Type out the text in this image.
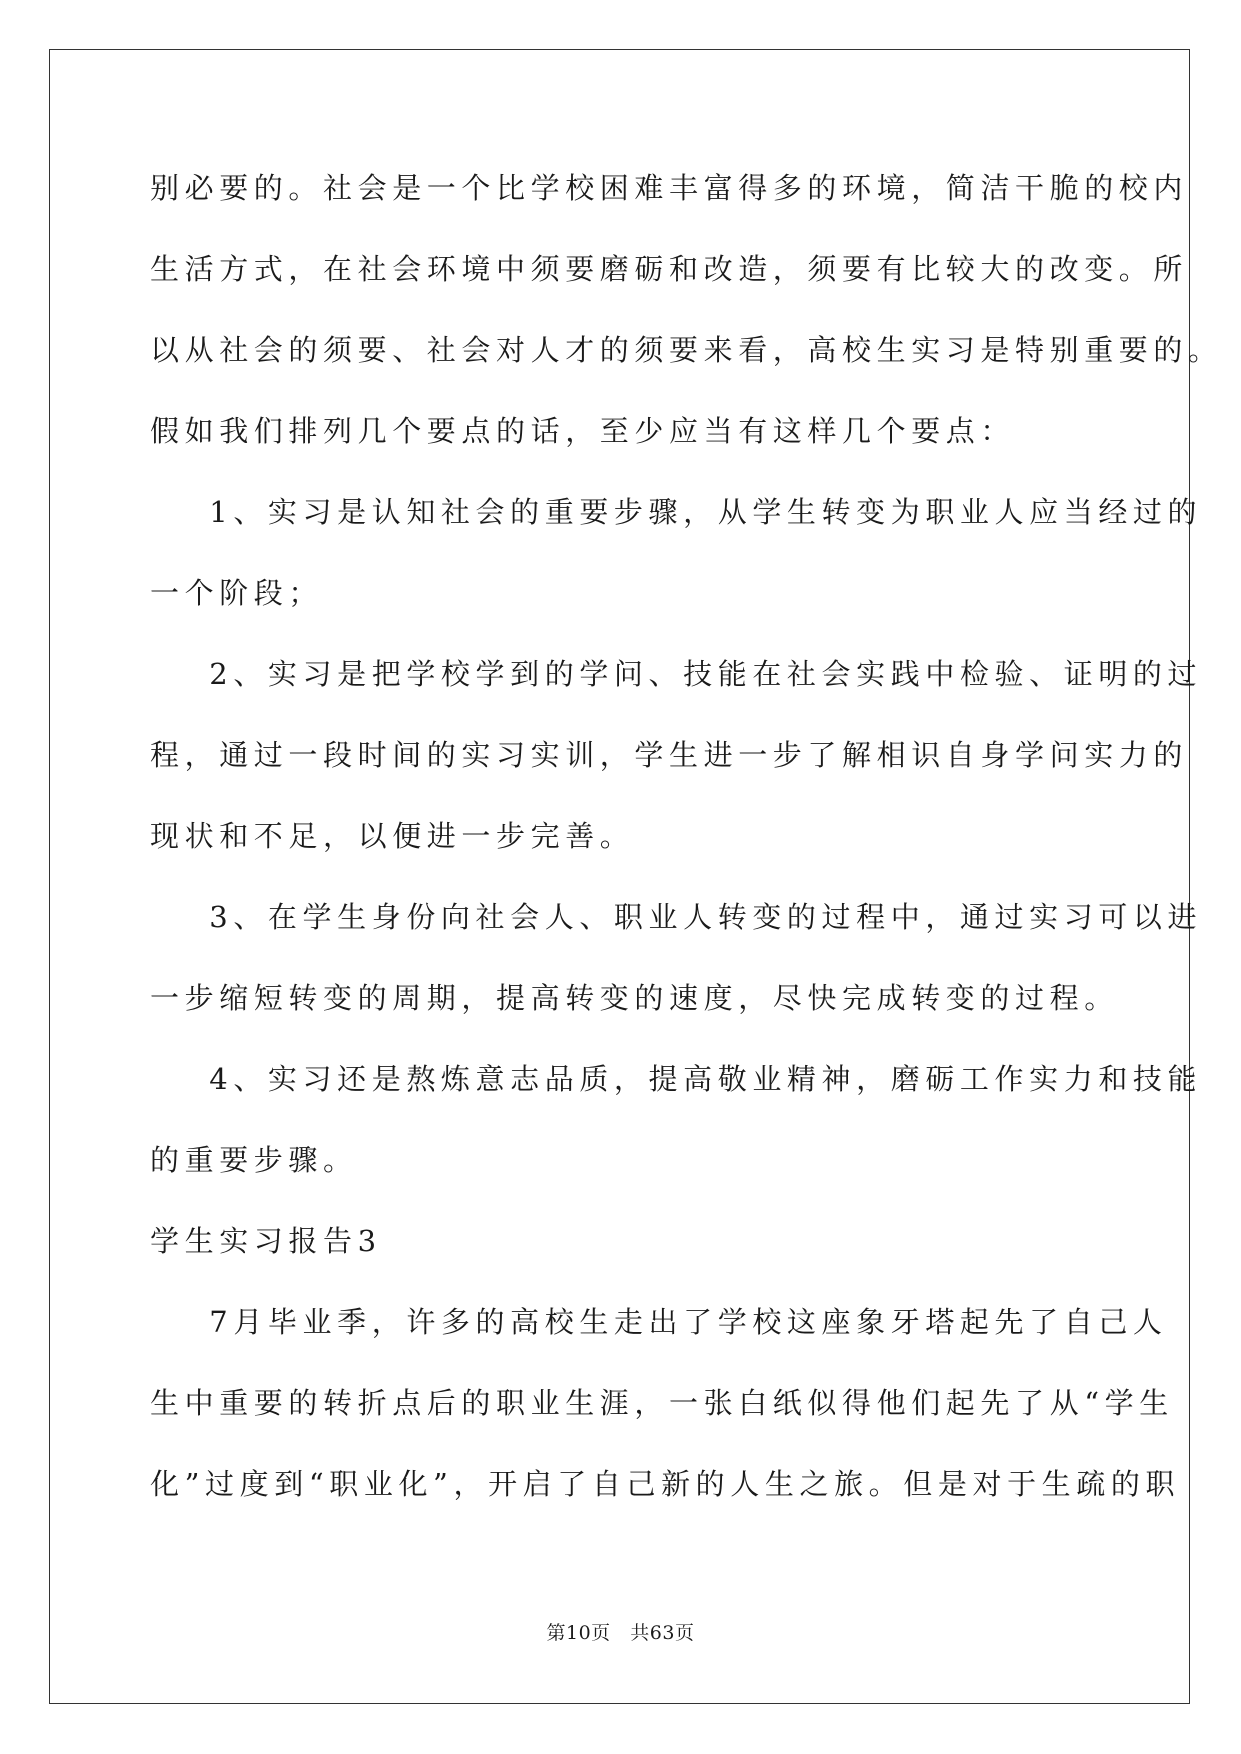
别必要的。社会是一个比学校困难丰富得多的环境，简洁干脆的校内
生活方式，在社会环境中须要磨砺和改造，须要有比较大的改变。所
以从社会的须要、社会对人才的须要来看，高校生实习是特别重要的。
假如我们排列几个要点的话，至少应当有这样几个要点：
1、实习是认知社会的重要步骤，从学生转变为职业人应当经过的
一个阶段；
2、实习是把学校学到的学问、技能在社会实践中检验、证明的过
程，通过一段时间的实习实训，学生进一步了解相识自身学问实力的
现状和不足，以便进一步完善。
3、在学生身份向社会人、职业人转变的过程中，通过实习可以进
一步缩短转变的周期，提高转变的速度，尽快完成转变的过程。
4、实习还是熬炼意志品质，提高敬业精神，磨砺工作实力和技能
的重要步骤。
学生实习报告3
7月毕业季，许多的高校生走出了学校这座象牙塔起先了自己人
生中重要的转折点后的职业生涯，一张白纸似得他们起先了从“学生
化”过度到“职业化”，开启了自己新的人生之旅。但是对于生疏的职
第10页   共63页
